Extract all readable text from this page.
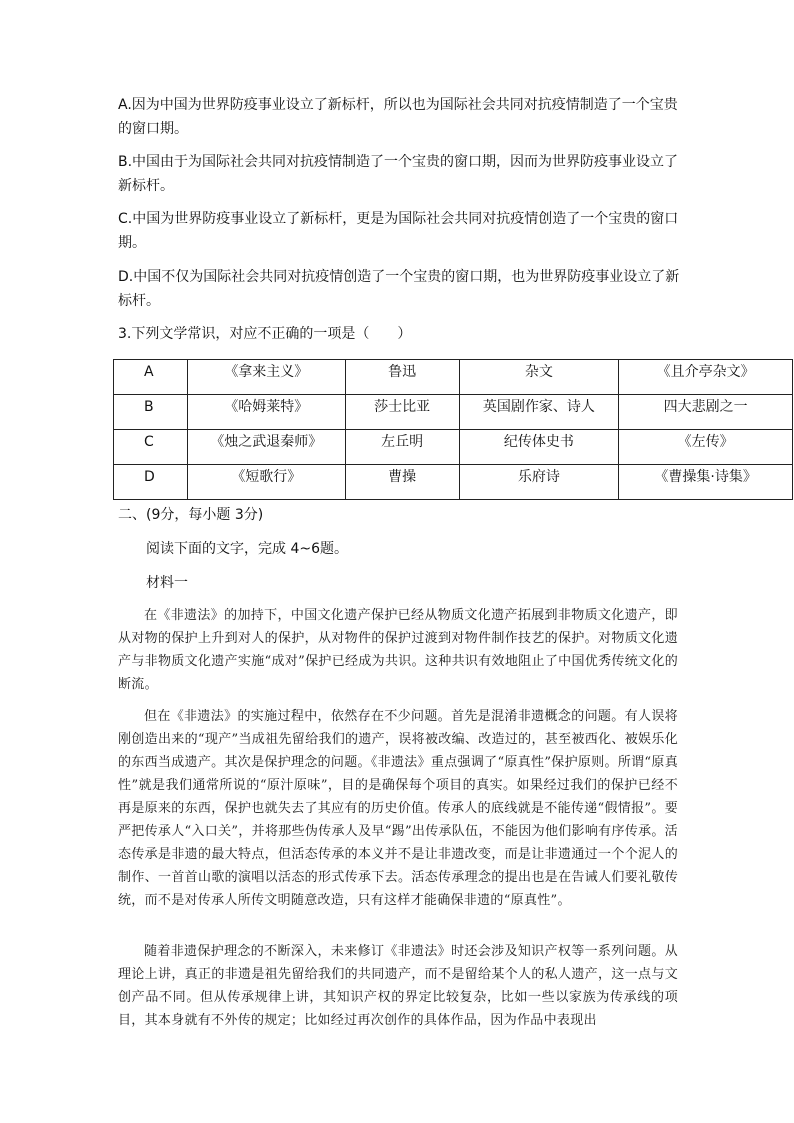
A.因为中国为世界防疫事业设立了新标杆，所以也为国际社会共同对抗疫情制造了一个宝贵的窗口期。
B.中国由于为国际社会共同对抗疫情制造了一个宝贵的窗口期，因而为世界防疫事业设立了新标杆。
C.中国为世界防疫事业设立了新标杆，更是为国际社会共同对抗疫情创造了一个宝贵的窗口期。
D.中国不仅为国际社会共同对抗疫情创造了一个宝贵的窗口期，也为世界防疫事业设立了新标杆。
3.下列文学常识，对应不正确的一项是（　　）
A	《拿来主义》	鲁迅	杂文	《且介亭杂文》

B	《哈姆莱特》	莎士比亚	英国剧作家、诗人	四大悲剧之一

C	《烛之武退秦师》	左丘明	纪传体史书	《左传》

D	《短歌行》	曹操	乐府诗	《曹操集·诗集》
二、(9分，每小题 3分)
阅读下面的文字，完成 4~6题。
材料一
在《非遗法》的加持下，中国文化遗产保护已经从物质文化遗产拓展到非物质文化遗产，即从对物的保护上升到对人的保护，从对物件的保护过渡到对物件制作技艺的保护。对物质文化遗产与非物质文化遗产实施“成对”保护已经成为共识。这种共识有效地阻止了中国优秀传统文化的断流。
但在《非遗法》的实施过程中，依然存在不少问题。首先是混淆非遗概念的问题。有人误将刚创造出来的“现产”当成祖先留给我们的遗产，误将被改编、改造过的，甚至被西化、被娱乐化的东西当成遗产。其次是保护理念的问题。《非遗法》重点强调了“原真性”保护原则。所谓“原真性”就是我们通常所说的“原汁原味”，目的是确保每个项目的真实。如果经过我们的保护已经不再是原来的东西，保护也就失去了其应有的历史价值。传承人的底线就是不能传递“假情报”。要严把传承人“入口关”，并将那些伪传承人及早“踢”出传承队伍，不能因为他们影响有序传承。活态传承是非遗的最大特点，但活态传承的本义并不是让非遗改变，而是让非遗通过一个个泥人的制作、一首首山歌的演唱以活态的形式传承下去。活态传承理念的提出也是在告诫人们要礼敬传统，而不是对传承人所传文明随意改造，只有这样才能确保非遗的“原真性”。
随着非遗保护理念的不断深入，未来修订《非遗法》时还会涉及知识产权等一系列问题。从理论上讲，真正的非遗是祖先留给我们的共同遗产，而不是留给某个人的私人遗产，这一点与文创产品不同。但从传承规律上讲，其知识产权的界定比较复杂，比如一些以家族为传承线的项目，其本身就有不外传的规定；比如经过再次创作的具体作品，因为作品中表现出
